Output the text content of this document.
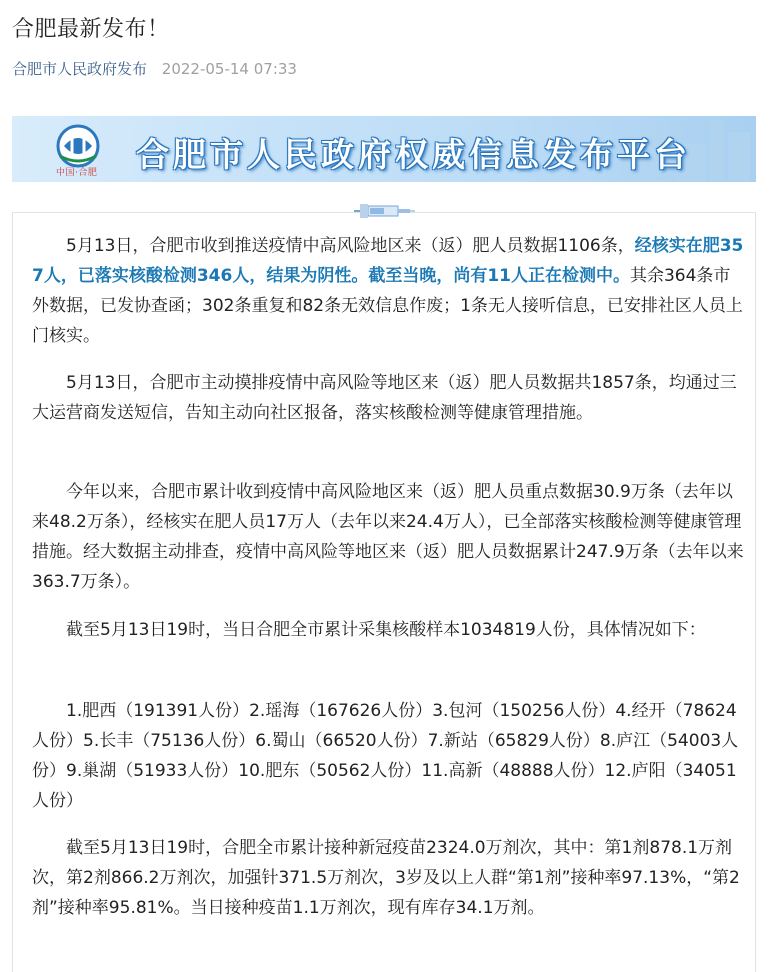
合肥最新发布！
合肥市人民政府发布 2022-05-14 07:33
中国·合肥 合肥市人民政府权威信息发布平台

5月13日，合肥市收到推送疫情中高风险地区来（返）肥人员数据1106条，经核实在肥357人，已落实核酸检测346人，结果为阴性。截至当晚，尚有11人正在检测中。其余364条市外数据，已发协查函；302条重复和82条无效信息作废；1条无人接听信息，已安排社区人员上门核实。

5月13日，合肥市主动摸排疫情中高风险等地区来（返）肥人员数据共1857条，均通过三大运营商发送短信，告知主动向社区报备，落实核酸检测等健康管理措施。

今年以来，合肥市累计收到疫情中高风险地区来（返）肥人员重点数据30.9万条（去年以来48.2万条），经核实在肥人员17万人（去年以来24.4万人），已全部落实核酸检测等健康管理措施。经大数据主动排查，疫情中高风险等地区来（返）肥人员数据累计247.9万条（去年以来363.7万条）。

截至5月13日19时，当日合肥全市累计采集核酸样本1034819人份，具体情况如下：

1.肥西（191391人份）2.瑶海（167626人份）3.包河（150256人份）4.经开（78624人份）5.长丰（75136人份）6.蜀山（66520人份）7.新站（65829人份）8.庐江（54003人份）9.巢湖（51933人份）10.肥东（50562人份）11.高新（48888人份）12.庐阳（34051人份）

截至5月13日19时，合肥全市累计接种新冠疫苗2324.0万剂次，其中：第1剂878.1万剂次，第2剂866.2万剂次，加强针371.5万剂次，3岁及以上人群“第1剂”接种率97.13%，“第2剂”接种率95.81%。当日接种疫苗1.1万剂次，现有库存34.1万剂。
